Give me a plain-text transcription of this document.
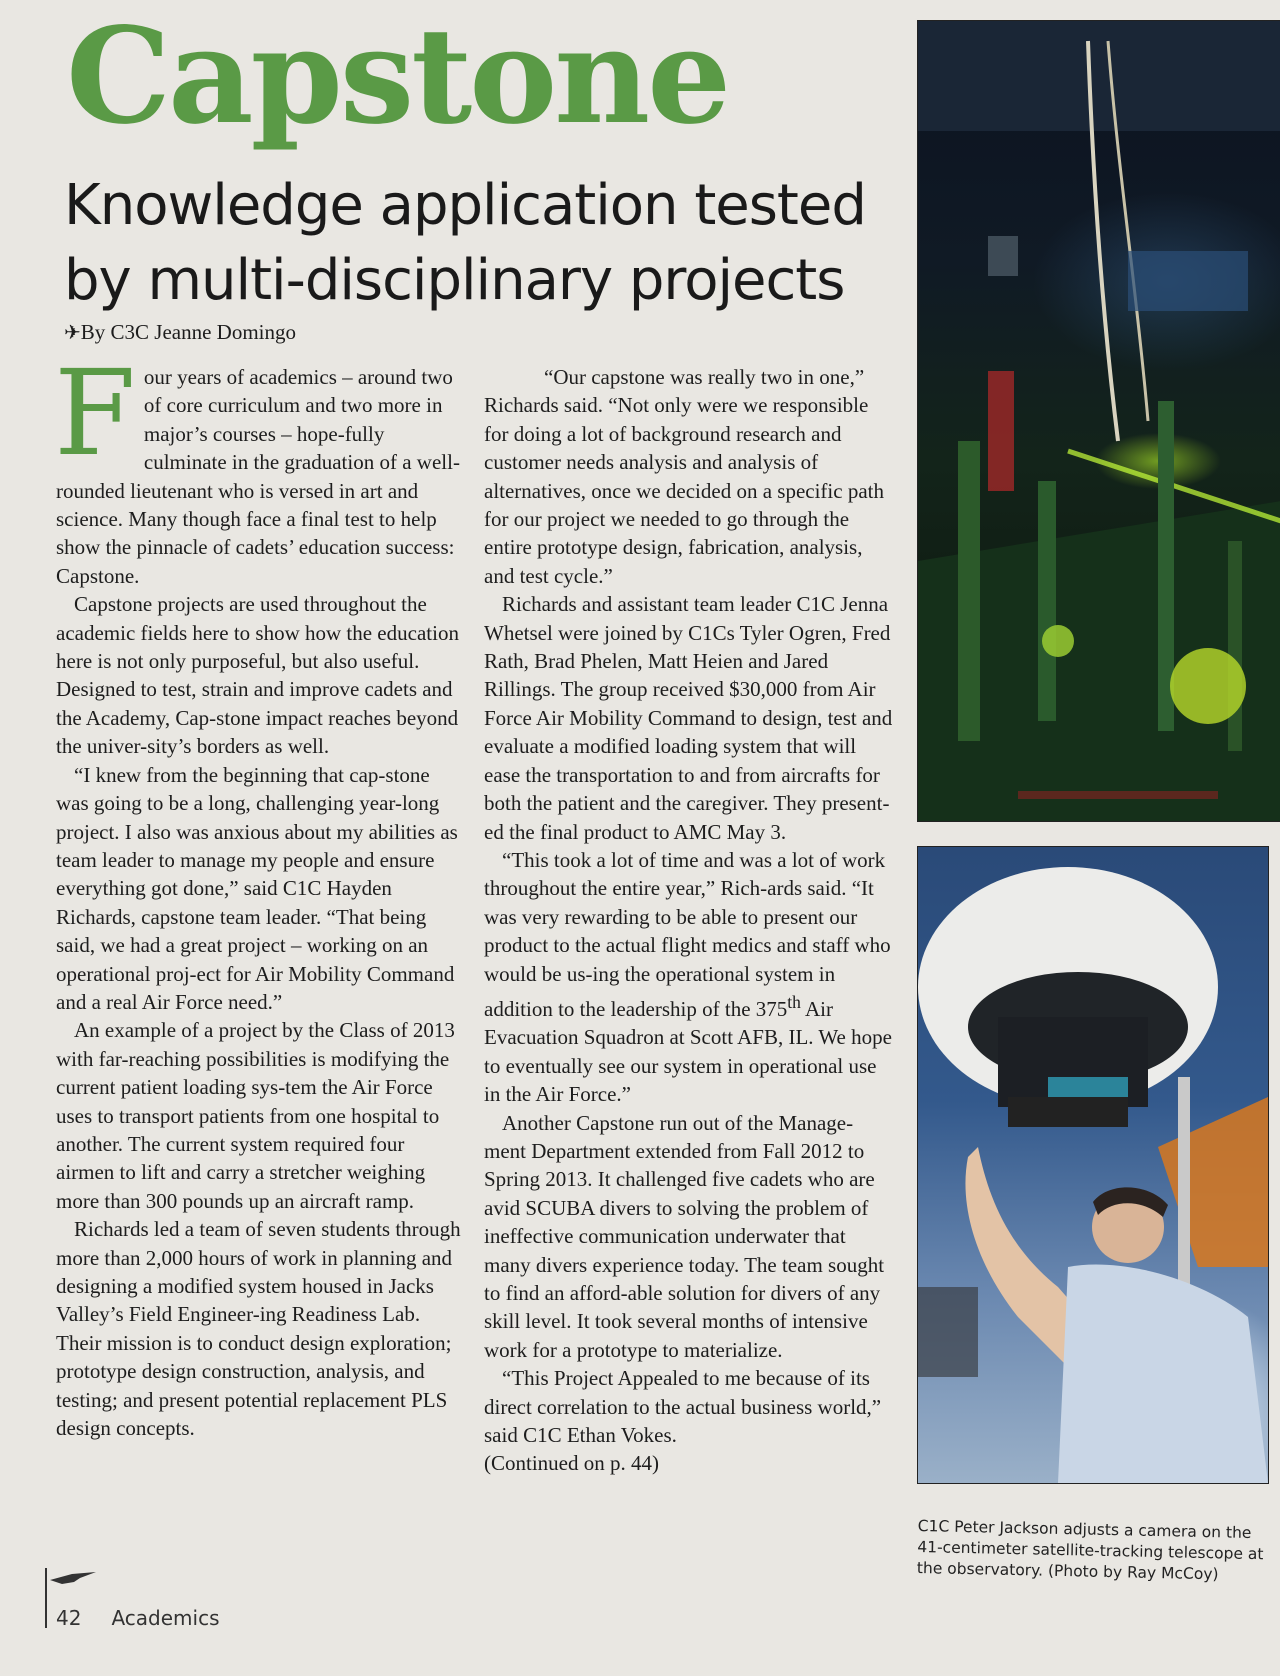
Capstone
Knowledge application tested by multi-disciplinary projects

✈By C3C Jeanne Domingo

Four years of academics – around two of core curriculum and two more in major’s courses – hope-fully culminate in the graduation of a well-rounded lieutenant who is versed in art and science. Many though face a final test to help show the pinnacle of cadets’ education success: Capstone.

Capstone projects are used throughout the academic fields here to show how the education here is not only purposeful, but also useful. Designed to test, strain and improve cadets and the Academy, Cap-stone impact reaches beyond the univer-sity’s borders as well.

“I knew from the beginning that cap-stone was going to be a long, challenging year-long project. I also was anxious about my abilities as team leader to manage my people and ensure everything got done,” said C1C Hayden Richards, capstone team leader. “That being said, we had a great project – working on an operational proj-ect for Air Mobility Command and a real Air Force need.”

An example of a project by the Class of 2013 with far-reaching possibilities is modifying the current patient loading sys-tem the Air Force uses to transport patients from one hospital to another. The current system required four airmen to lift and carry a stretcher weighing more than 300 pounds up an aircraft ramp.

Richards led a team of seven students through more than 2,000 hours of work in planning and designing a modified system housed in Jacks Valley’s Field Engineer-ing Readiness Lab. Their mission is to conduct design exploration; prototype design construction, analysis, and testing; and present potential replacement PLS design concepts.

“Our capstone was really two in one,” Richards said. “Not only were we responsible for doing a lot of background research and customer needs analysis and analysis of alternatives, once we decided on a specific path for our project we needed to go through the entire prototype design, fabrication, analysis, and test cycle.”

Richards and assistant team leader C1C Jenna Whetsel were joined by C1Cs Tyler Ogren, Fred Rath, Brad Phelen, Matt Heien and Jared Rillings. The group received $30,000 from Air Force Air Mobility Command to design, test and evaluate a modified loading system that will ease the transportation to and from aircrafts for both the patient and the caregiver. They present-ed the final product to AMC May 3.

“This took a lot of time and was a lot of work throughout the entire year,” Rich-ards said. “It was very rewarding to be able to present our product to the actual flight medics and staff who would be us-ing the operational system in addition to the leadership of the 375th Air Evacuation Squadron at Scott AFB, IL. We hope to eventually see our system in operational use in the Air Force.”

Another Capstone run out of the Manage-ment Department extended from Fall 2012 to Spring 2013. It challenged five cadets who are avid SCUBA divers to solving the problem of ineffective communication underwater that many divers experience today. The team sought to find an afford-able solution for divers of any skill level. It took several months of intensive work for a prototype to materialize.

“This Project Appealed to me because of its direct correlation to the actual business world,” said C1C Ethan Vokes.

(Continued on p. 44)

C1C Peter Jackson adjusts a camera on the 41-centimeter satellite-tracking telescope at the observatory. (Photo by Ray McCoy)

42 Academics
